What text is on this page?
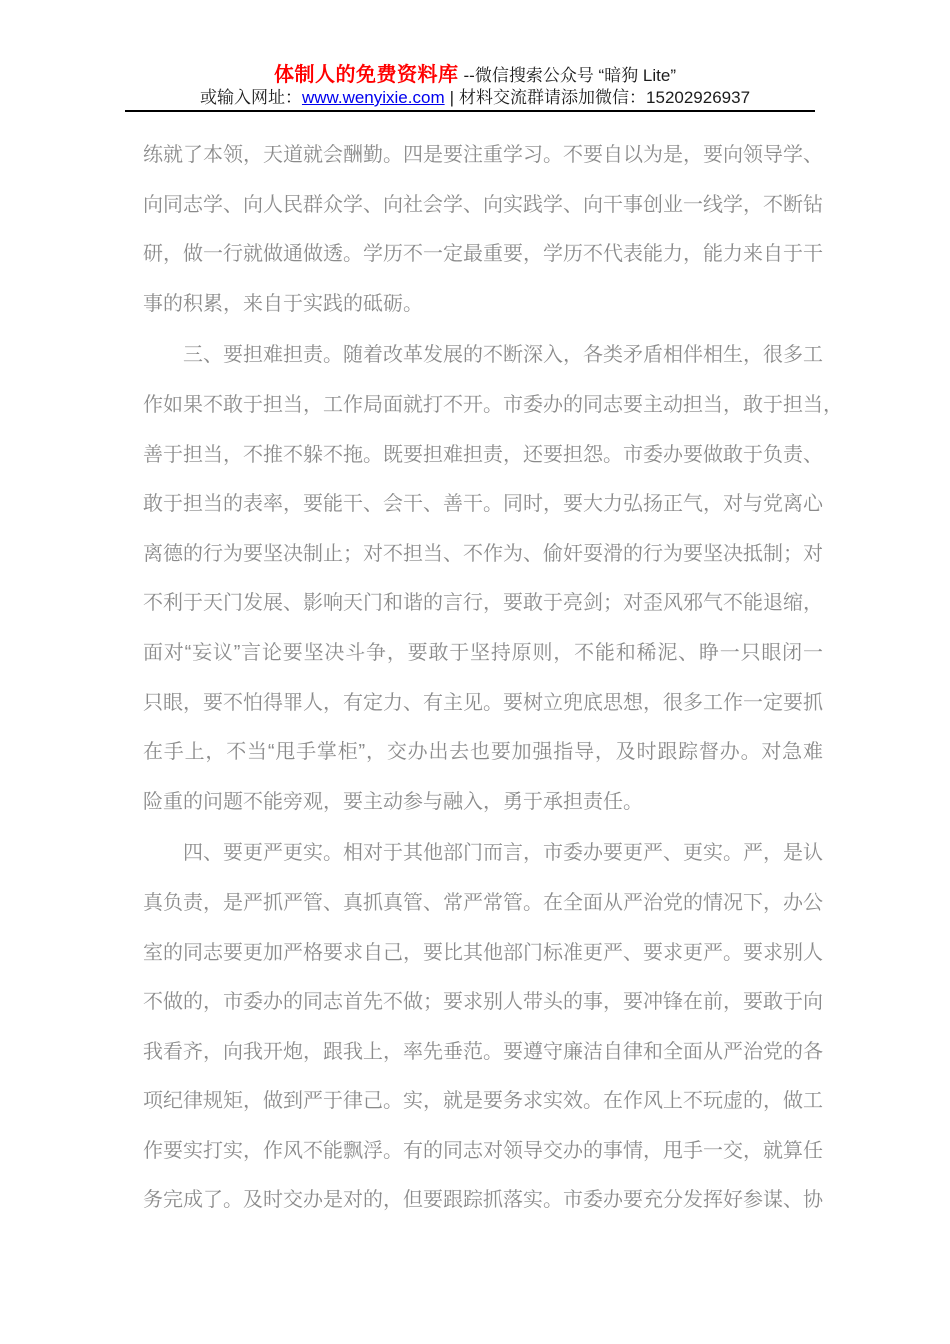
体制人的免费资料库 --微信搜索公众号 “暗狗 Lite”
或输入网址：www.wenyixie.com | 材料交流群请添加微信：15202926937
练就了本领，天道就会酬勤。四是要注重学习。不要自以为是，要向领导学、
向同志学、向人民群众学、向社会学、向实践学、向干事创业一线学，不断钻
研，做一行就做通做透。学历不一定最重要，学历不代表能力，能力来自于干
事的积累，来自于实践的砥砺。
三、要担难担责。随着改革发展的不断深入，各类矛盾相伴相生，很多工
作如果不敢于担当，工作局面就打不开。市委办的同志要主动担当，敢于担当，
善于担当，不推不躲不拖。既要担难担责，还要担怨。市委办要做敢于负责、
敢于担当的表率，要能干、会干、善干。同时，要大力弘扬正气，对与党离心
离德的行为要坚决制止；对不担当、不作为、偷奸耍滑的行为要坚决抵制；对
不利于天门发展、影响天门和谐的言行，要敢于亮剑；对歪风邪气不能退缩，
面对“妄议”言论要坚决斗争，要敢于坚持原则，不能和稀泥、睁一只眼闭一
只眼，要不怕得罪人，有定力、有主见。要树立兜底思想，很多工作一定要抓
在手上，不当“甩手掌柜”，交办出去也要加强指导，及时跟踪督办。对急难
险重的问题不能旁观，要主动参与融入，勇于承担责任。
四、要更严更实。相对于其他部门而言，市委办要更严、更实。严，是认
真负责，是严抓严管、真抓真管、常严常管。在全面从严治党的情况下，办公
室的同志要更加严格要求自己，要比其他部门标准更严、要求更严。要求别人
不做的，市委办的同志首先不做；要求别人带头的事，要冲锋在前，要敢于向
我看齐，向我开炮，跟我上，率先垂范。要遵守廉洁自律和全面从严治党的各
项纪律规矩，做到严于律己。实，就是要务求实效。在作风上不玩虚的，做工
作要实打实，作风不能飘浮。有的同志对领导交办的事情，甩手一交，就算任
务完成了。及时交办是对的，但要跟踪抓落实。市委办要充分发挥好参谋、协
